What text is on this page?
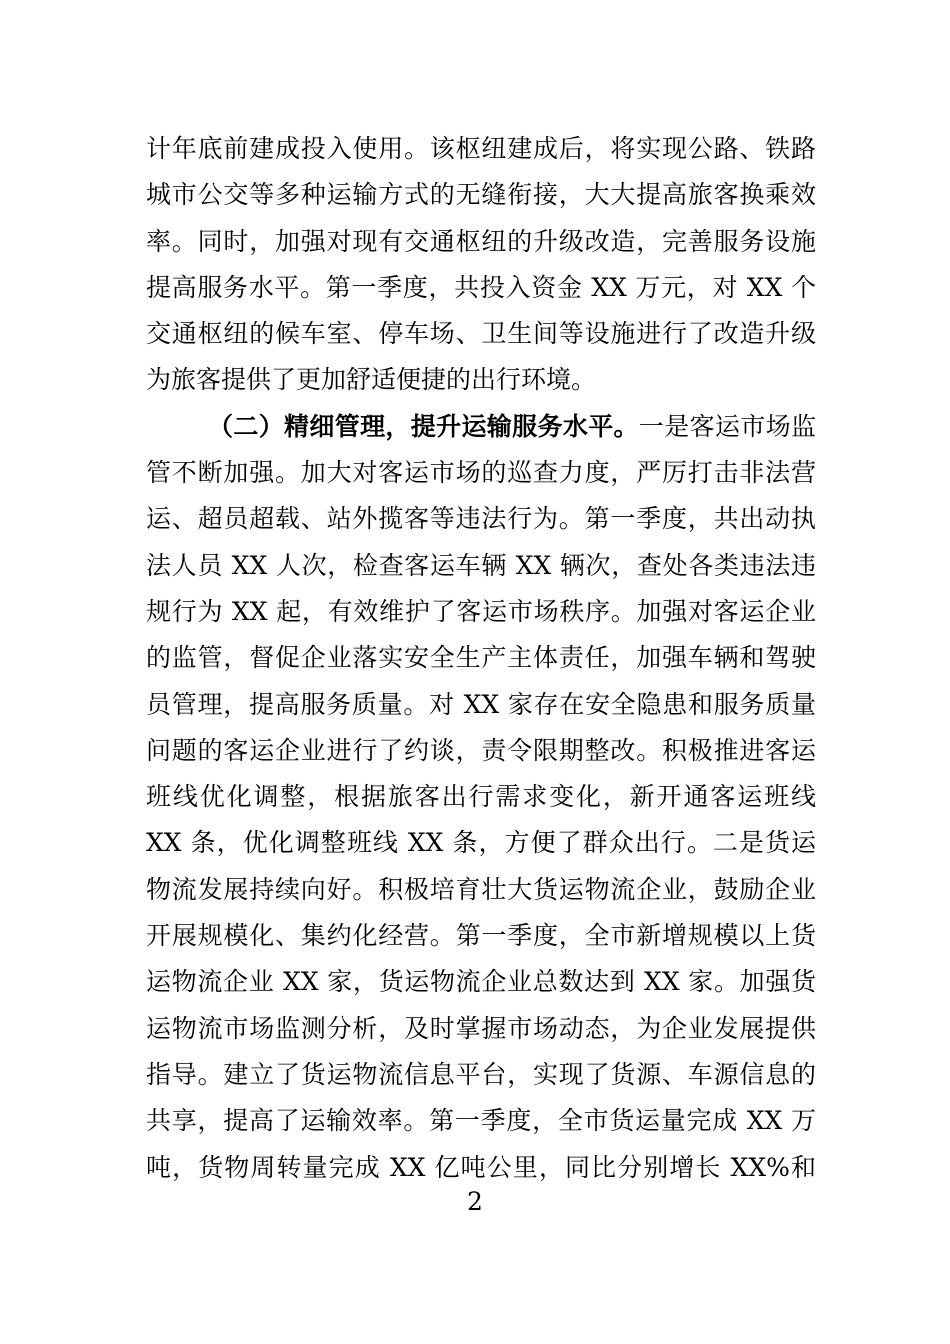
计年底前建成投入使用。该枢纽建成后，将实现公路、铁路
城市公交等多种运输方式的无缝衔接，大大提高旅客换乘效
率。同时，加强对现有交通枢纽的升级改造，完善服务设施
提高服务水平。第一季度，共投入资金 XX 万元，对 XX 个
交通枢纽的候车室、停车场、卫生间等设施进行了改造升级
为旅客提供了更加舒适便捷的出行环境。
（二）精细管理，提升运输服务水平。一是客运市场监
管不断加强。加大对客运市场的巡查力度，严厉打击非法营
运、超员超载、站外揽客等违法行为。第一季度，共出动执
法人员 XX 人次，检查客运车辆 XX 辆次，查处各类违法违
规行为 XX 起，有效维护了客运市场秩序。加强对客运企业
的监管，督促企业落实安全生产主体责任，加强车辆和驾驶
员管理，提高服务质量。对 XX 家存在安全隐患和服务质量
问题的客运企业进行了约谈，责令限期整改。积极推进客运
班线优化调整，根据旅客出行需求变化，新开通客运班线
XX 条，优化调整班线 XX 条，方便了群众出行。二是货运
物流发展持续向好。积极培育壮大货运物流企业，鼓励企业
开展规模化、集约化经营。第一季度，全市新增规模以上货
运物流企业 XX 家，货运物流企业总数达到 XX 家。加强货
运物流市场监测分析，及时掌握市场动态，为企业发展提供
指导。建立了货运物流信息平台，实现了货源、车源信息的
共享，提高了运输效率。第一季度，全市货运量完成 XX 万
吨，货物周转量完成 XX 亿吨公里，同比分别增长 XX%和
2
